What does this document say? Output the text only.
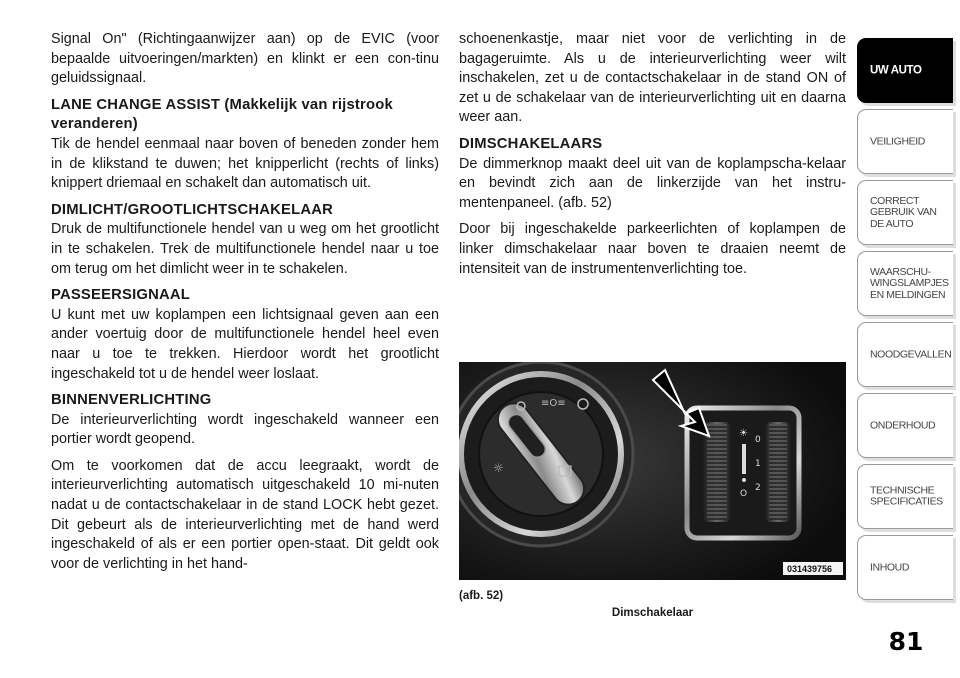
Signal On" (Richtingaanwijzer aan) op de EVIC (voor bepaalde uitvoeringen/markten) en klinkt er een con-tinu geluidssignaal.

LANE CHANGE ASSIST (Makkelijk van rijstrook veranderen)

Tik de hendel eenmaal naar boven of beneden zonder hem in de klikstand te duwen; het knipperlicht (rechts of links) knippert driemaal en schakelt dan automatisch uit.

DIMLICHT/GROOTLICHTSCHAKELAAR

Druk de multifunctionele hendel van u weg om het grootlicht in te schakelen. Trek de multifunctionele hendel naar u toe om terug om het dimlicht weer in te schakelen.

PASSEERSIGNAAL

U kunt met uw koplampen een lichtsignaal geven aan een ander voertuig door de multifunctionele hendel heel even naar u toe te trekken. Hierdoor wordt het grootlicht ingeschakeld tot u de hendel weer loslaat.

BINNENVERLICHTING

De interieurverlichting wordt ingeschakeld wanneer een portier wordt geopend.

Om te voorkomen dat de accu leegraakt, wordt de interieurverlichting automatisch uitgeschakeld 10 mi-nuten nadat u de contactschakelaar in de stand LOCK hebt gezet. Dit gebeurt als de interieurverlichting met de hand werd ingeschakeld of als er een portier open-staat. Dit geldt ook voor de verlichting in het hand-

schoenenkastje, maar niet voor de verlichting in de bagageruimte. Als u de interieurverlichting weer wilt inschakelen, zet u de contactschakelaar in de stand ON of zet u de schakelaar van de interieurverlichting uit en daarna weer aan.

DIMSCHAKELAARS

De dimmerknop maakt deel uit van de koplampscha-kelaar en bevindt zich aan de linkerzijde van het instru-mentenpaneel. (afb. 52)

Door bij ingeschakelde parkeerlichten of koplampen de linker dimschakelaar naar boven te draaien neemt de intensiteit van de instrumentenverlichting toe.

≡O≡
☼
☀
O
0
1
2
031439756
(afb. 52)
Dimschakelaar
UW AUTO
VEILIGHEID
CORRECT GEBRUIK VAN DE AUTO
WAARSCHU-WINGSLAMPJES EN MELDINGEN
NOODGEVALLEN
ONDERHOUD
TECHNISCHE SPECIFICATIES
INHOUD
81
